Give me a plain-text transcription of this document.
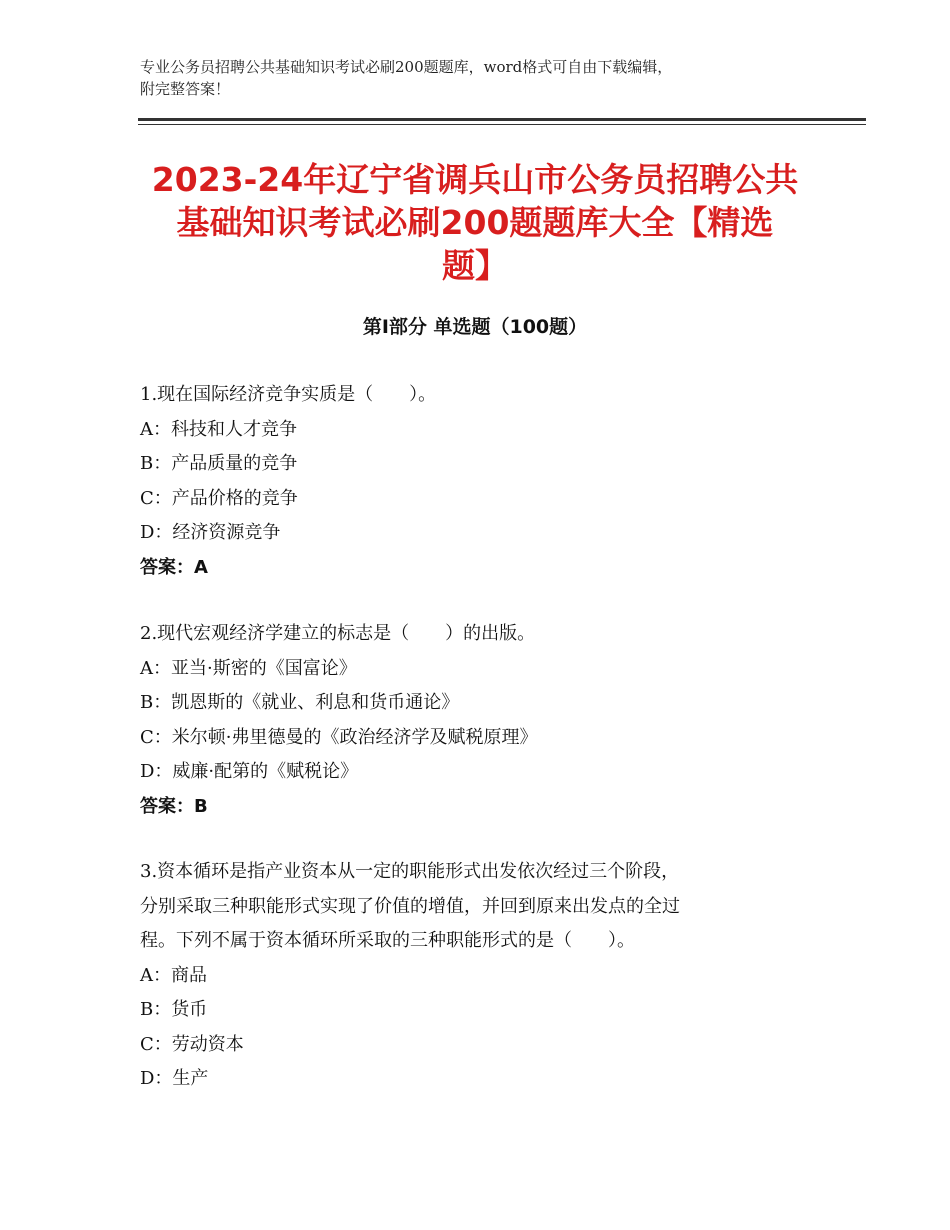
专业公务员招聘公共基础知识考试必刷200题题库，word格式可自由下载编辑，
附完整答案！
2023-24年辽宁省调兵山市公务员招聘公共
基础知识考试必刷200题题库大全【精选
题】
第Ⅰ部分 单选题（100题）
1.现在国际经济竞争实质是（　　）。
A：科技和人才竞争
B：产品质量的竞争
C：产品价格的竞争
D：经济资源竞争
答案：A
2.现代宏观经济学建立的标志是（　　）的出版。
A：亚当·斯密的《国富论》
B：凯恩斯的《就业、利息和货币通论》
C：米尔顿·弗里德曼的《政治经济学及赋税原理》
D：威廉·配第的《赋税论》
答案：B
3.资本循环是指产业资本从一定的职能形式出发依次经过三个阶段，
分别采取三种职能形式实现了价值的增值，并回到原来出发点的全过
程。下列不属于资本循环所采取的三种职能形式的是（　　）。
A：商品
B：货币
C：劳动资本
D：生产
